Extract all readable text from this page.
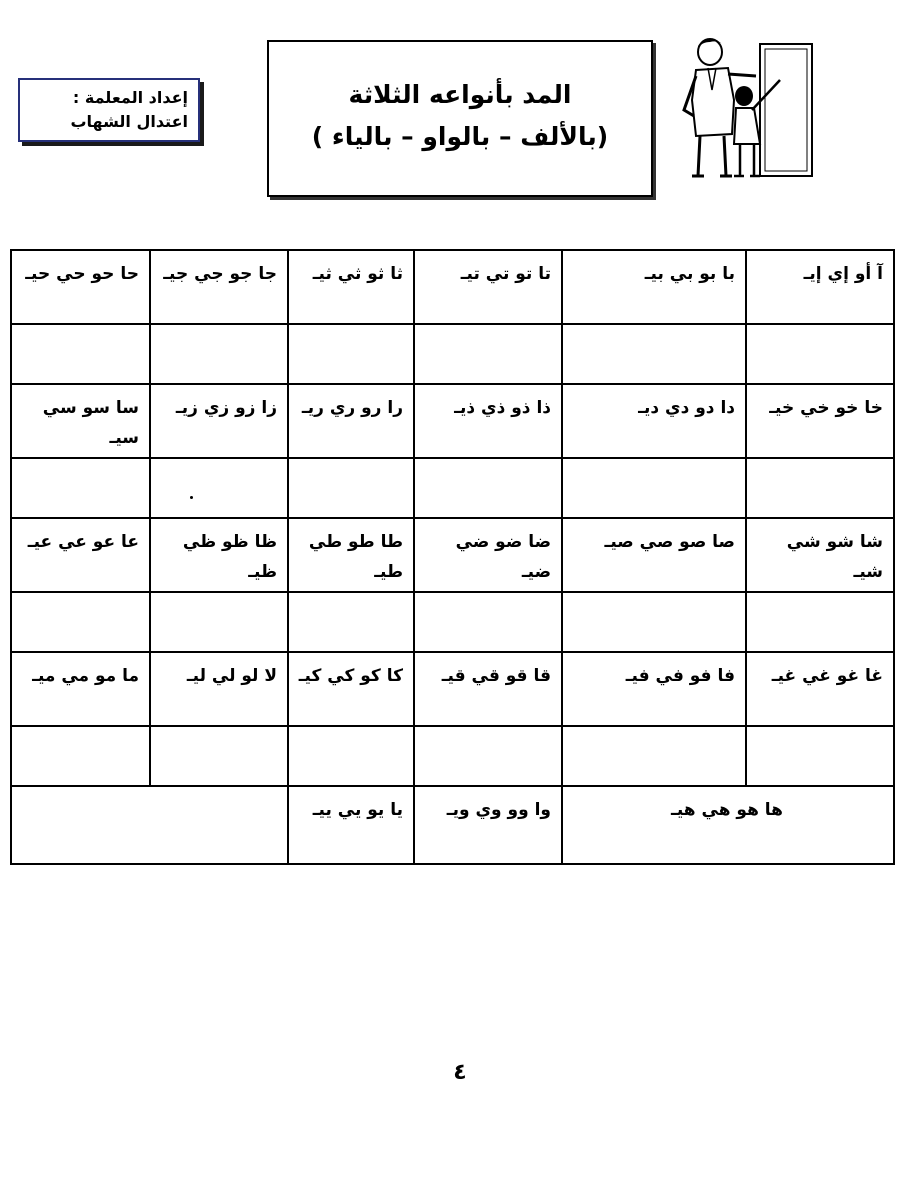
إعداد المعلمة :
اعتدال الشهاب
المد بأنواعه الثلاثة
(بالألف – بالواو – بالياء )
آ أو إي إيـ	با بو بي بيـ	تا تو تي تيـ	ثا ثو ثي ثيـ	جا جو جي جيـ	حا حو حي حيـ

خا خو خي خيـ	دا دو دي ديـ	ذا ذو ذي ذيـ	را رو ري ريـ	زا زو زي زيـ	سا سو سي سيـ

شا شو شي شيـ	صا صو صي صيـ	ضا ضو ضي ضيـ	طا طو طي طيـ	ظا ظو ظي ظيـ	عا عو عي عيـ

غا غو غي غيـ	فا فو في فيـ	قا قو قي قيـ	كا كو كي كيـ	لا لو لي ليـ	ما مو مي ميـ

ها هو هي هيـ		وا وو وي ويـ	يا يو يي ييـ		
٤
